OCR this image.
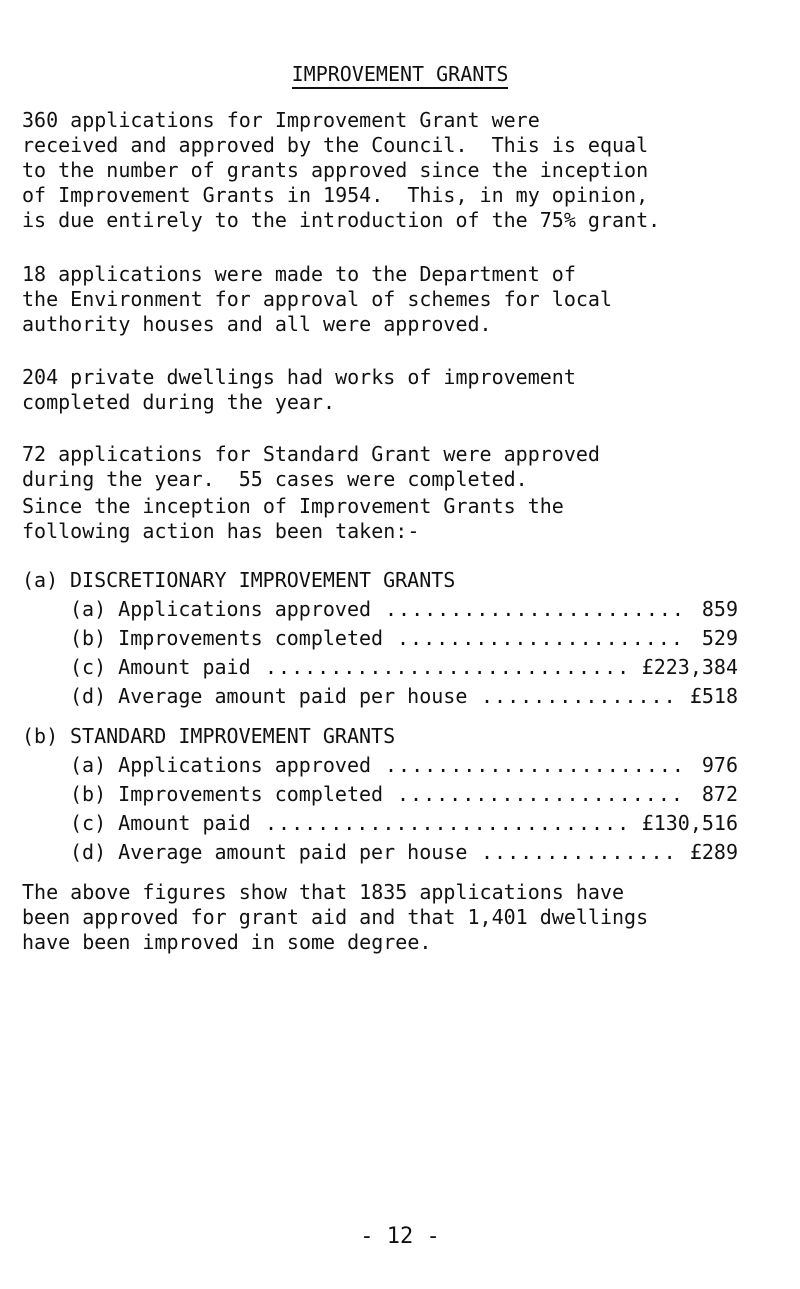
IMPROVEMENT GRANTS
360 applications for Improvement Grant were
received and approved by the Council.  This is equal
to the number of grants approved since the inception
of Improvement Grants in 1954.  This, in my opinion,
is due entirely to the introduction of the 75% grant.
18 applications were made to the Department of
the Environment for approval of schemes for local
authority houses and all were approved.
204 private dwellings had works of improvement
completed during the year.
72 applications for Standard Grant were approved
during the year.  55 cases were completed.
Since the inception of Improvement Grants the
following action has been taken:-
(a) DISCRETIONARY IMPROVEMENT GRANTS
(a) Applications approved ....................... 859
(b) Improvements completed ...................... 529
(c) Amount paid ............................ £223,384
(d) Average amount paid per house ............... £518
(b) STANDARD IMPROVEMENT GRANTS
(a) Applications approved ....................... 976
(b) Improvements completed ...................... 872
(c) Amount paid ............................ £130,516
(d) Average amount paid per house ............... £289
The above figures show that 1835 applications have
been approved for grant aid and that 1,401 dwellings
have been improved in some degree.
- 12 -
